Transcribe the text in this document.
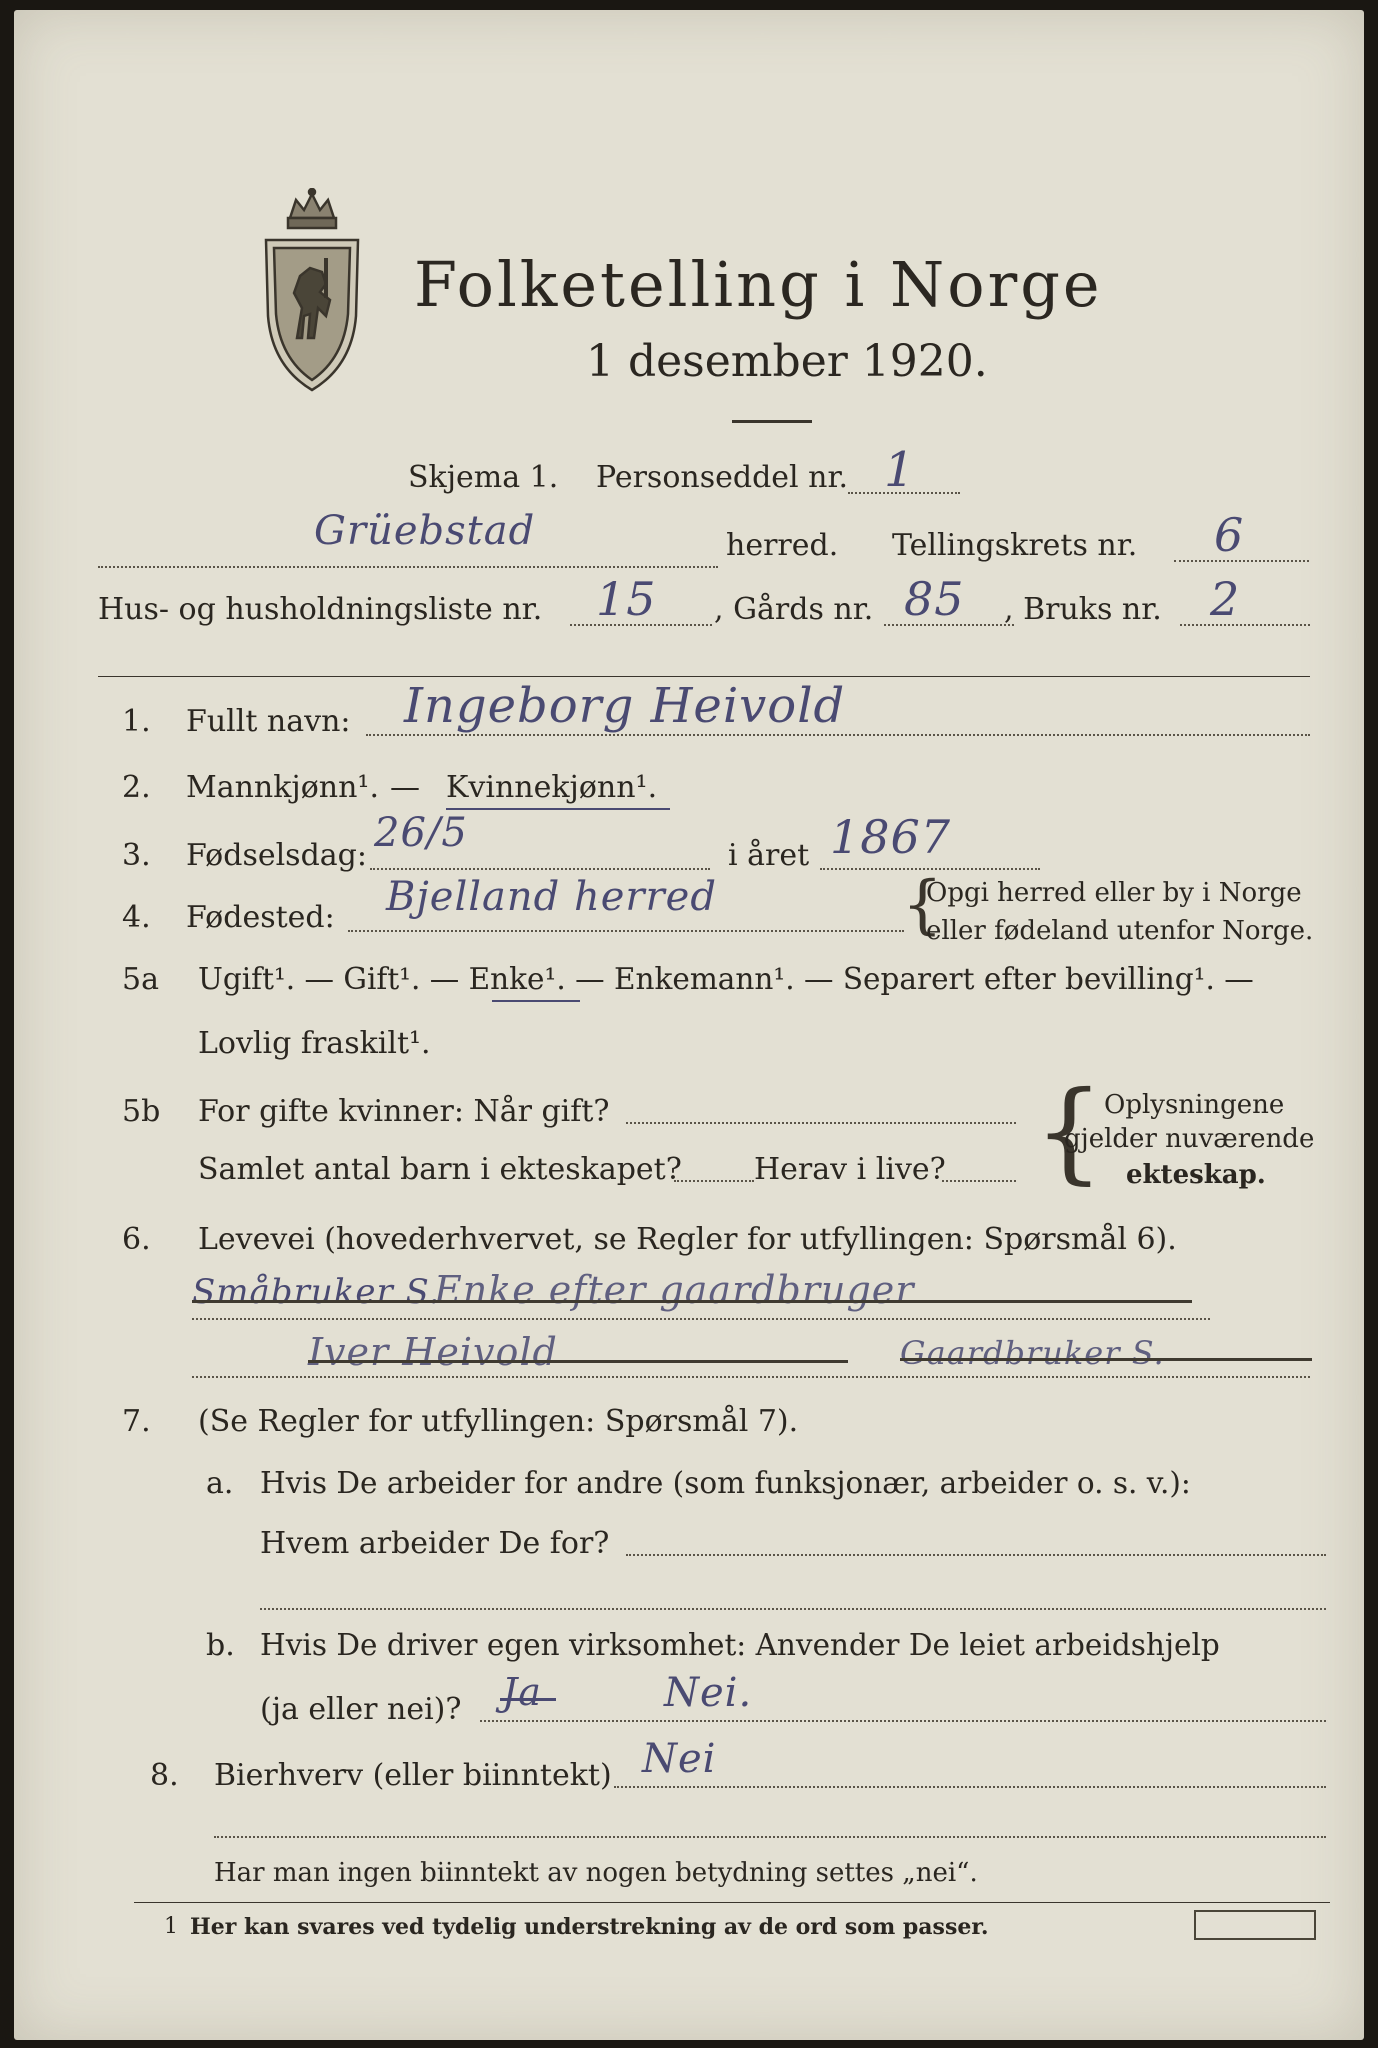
Folketelling i Norge
1 desember 1920.
Skjema 1. Personseddel nr. 1
Grüebstad	herred. Tellingskrets nr. 6
Hus- og husholdningsliste nr. 15 , Gårds nr. 85 , Bruks nr. 2
1. Fullt navn: Ingeborg Heivold
2. Mannkjønn¹. — Kvinnekjønn¹.
3. Fødselsdag: 26/5	i året 1867
4. Fødested: Bjelland herred	{
Opgi herred eller by i Norge
eller fødeland utenfor Norge.
5a Ugift¹. — Gift¹. — Enke¹. — Enkemann¹. — Separert efter bevilling¹. —
Lovlig fraskilt¹.
5b For gifte kvinner: Når gift?
Samlet antal barn i ekteskapet? Herav i live? { Oplysningene
gjelder nuværende
ekteskap.
6. Levevei (hovederhvervet, se Regler for utfyllingen: Spørsmål 6).
Småbruker S.
Enke efter gaardbruger
Iver Heivold	Gaardbruker S.
7. (Se Regler for utfyllingen: Spørsmål 7).
a. Hvis De arbeider for andre (som funksjonær, arbeider o. s. v.):
Hvem arbeider De for?
b. Hvis De driver egen virksomhet: Anvender De leiet arbeidshjelp
(ja eller nei)? Ja	Nei.
8. Bierhverv (eller biinntekt) Nei
Har man ingen biinntekt av nogen betydning settes „nei“.
1 Her kan svares ved tydelig understrekning av de ord som passer.
